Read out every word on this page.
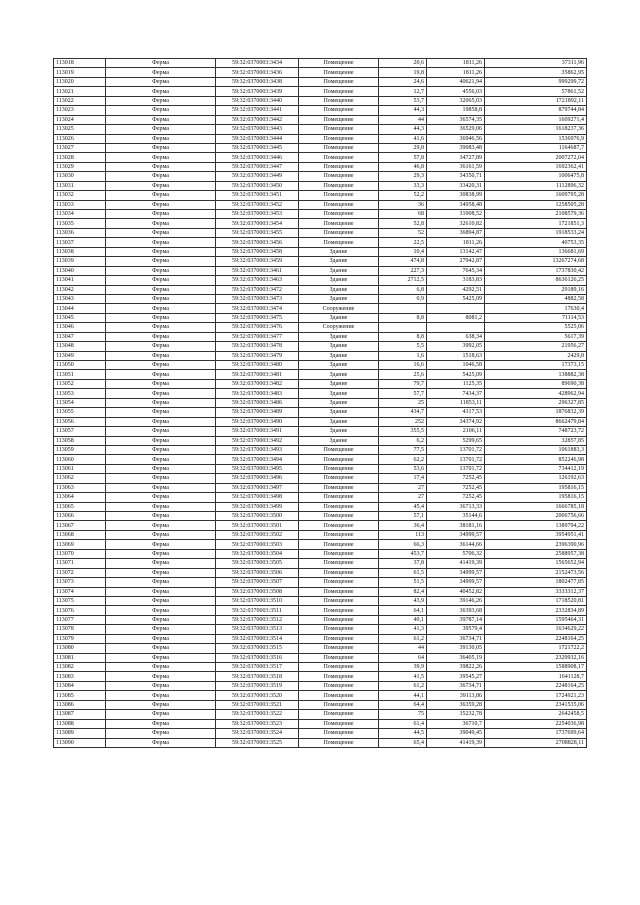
113018	Ферма	59:32:0370003:3434	Помещение	20,6	1811,26	37311,96
113019	Ферма	59:32:0370003:3436	Помещение	19,8	1811,26	35862,95
113020	Ферма	59:32:0370003:3438	Помещение	24,6	40621,94	999299,72
113021	Ферма	59:32:0370003:3439	Помещение	12,7	4556,03	57861,52
113022	Ферма	59:32:0370003:3440	Помещение	53,7	32065,03	1721892,11
113023	Ферма	59:32:0370003:3441	Помещение	44,3	19858,8	879744,84
113024	Ферма	59:32:0370003:3442	Помещение	44	36574,35	1609271,4
113025	Ферма	59:32:0370003:3443	Помещение	44,3	36529,06	1618237,36
113026	Ферма	59:32:0370003:3444	Помещение	41,6	36946,56	1536976,9
113027	Ферма	59:32:0370003:3445	Помещение	29,8	39083,48	1164687,7
113028	Ферма	59:32:0370003:3446	Помещение	57,8	34727,89	2007272,04
113029	Ферма	59:32:0370003:3447	Помещение	46,8	36161,59	1692362,41
113030	Ферма	59:32:0370003:3449	Помещение	29,3	34350,71	1006475,8
113031	Ферма	59:32:0370003:3450	Помещение	33,3	33420,31	1112896,32
113032	Ферма	59:32:0370003:3451	Помещение	52,2	30838,99	1609795,28
113033	Ферма	59:32:0370003:3452	Помещение	36	34958,48	1258505,28
113034	Ферма	59:32:0370003:3453	Помещение	68	31008,52	2108579,36
113035	Ферма	59:32:0370003:3454	Помещение	52,8	32610,82	1721851,3
113036	Ферма	59:32:0370003:3455	Помещение	52	36894,87	1918533,24
113037	Ферма	59:32:0370003:3456	Помещение	22,5	1811,26	40753,35
113038	Ферма	59:32:0370003:3458	Здание	10,4	13142,47	136681,69
113039	Ферма	59:32:0370003:3459	Здание	474,8	27942,87	13267274,68
113040	Ферма	59:32:0370003:3461	Здание	227,3	7645,34	1737830,42
113041	Ферма	59:32:0370003:3463	Здание	2712,5	3183,83	8636126,25
113042	Ферма	59:32:0370003:3472	Здание	6,8	4292,51	29189,16
113043	Ферма	59:32:0370003:3473	Здание	0,9	5425,09	4882,58
113044	Ферма	59:32:0370003:3474	Сооружение			17630,4
113045	Ферма	59:32:0370003:3475	Здание	8,8	8081,2	71114,53
113046	Ферма	59:32:0370003:3476	Сооружение			5525,06
113047	Ферма	59:32:0370003:3477	Здание	8,8	638,34	5617,39
113048	Ферма	59:32:0370003:3478	Здание	5,5	3992,05	21956,27
113049	Ферма	59:32:0370003:3479	Здание	1,6	1518,63	2429,8
113050	Ферма	59:32:0370003:3480	Здание	16,6	1046,58	17373,15
113051	Ферма	59:32:0370003:3481	Здание	25,6	5425,09	138882,38
113052	Ферма	59:32:0370003:3482	Здание	79,7	1125,35	89690,38
113053	Ферма	59:32:0370003:3483	Здание	57,7	7434,37	428962,94
113054	Ферма	59:32:0370003:3486	Здание	25	11853,11	296327,85
113055	Ферма	59:32:0370003:3489	Здание	434,7	4317,53	1876832,39
113056	Ферма	59:32:0370003:3490	Здание	252	34374,92	8662479,84
113057	Ферма	59:32:0370003:3491	Здание	355,5	2106,11	748723,72
113058	Ферма	59:32:0370003:3492	Здание	6,2	5299,65	32857,85
113059	Ферма	59:32:0370003:3493	Помещение	77,5	13701,72	1061883,3
113060	Ферма	59:32:0370003:3494	Помещение	62,2	13701,72	852246,98
113061	Ферма	59:32:0370003:3495	Помещение	53,6	13701,72	734412,19
113062	Ферма	59:32:0370003:3496	Помещение	17,4	7252,45	126192,63
113063	Ферма	59:32:0370003:3497	Помещение	27	7252,45	195816,15
113064	Ферма	59:32:0370003:3498	Помещение	27	7252,45	195816,15
113065	Ферма	59:32:0370003:3499	Помещение	45,4	36713,33	1666785,18
113066	Ферма	59:32:0370003:3500	Помещение	57,1	35144,6	2006756,66
113067	Ферма	59:32:0370003:3501	Помещение	36,4	38181,16	1389794,22
113068	Ферма	59:32:0370003:3502	Помещение	113	34999,57	3954951,41
113069	Ферма	59:32:0370003:3503	Помещение	66,3	36144,66	2396390,96
113070	Ферма	59:32:0370003:3504	Помещение	453,7	5706,32	2588957,38
113071	Ферма	59:32:0370003:3505	Помещение	37,8	41419,39	1565652,94
113072	Ферма	59:32:0370003:3506	Помещение	61,5	34999,57	2152473,56
113073	Ферма	59:32:0370003:3507	Помещение	51,5	34999,57	1802477,85
113074	Ферма	59:32:0370003:3508	Помещение	82,4	40452,82	3333312,37
113075	Ферма	59:32:0370003:3510	Помещение	43,9	39146,26	1718520,81
113076	Ферма	59:32:0370003:3511	Помещение	64,1	36393,68	2332834,89
113077	Ферма	59:32:0370003:3512	Помещение	40,1	39787,14	1595464,31
113078	Ферма	59:32:0370003:3513	Помещение	41,3	39579,4	1634629,22
113079	Ферма	59:32:0370003:3514	Помещение	61,2	36734,71	2248164,25
113080	Ферма	59:32:0370003:3515	Помещение	44	39130,05	1721722,2
113081	Ферма	59:32:0370003:3516	Помещение	64	36405,19	2329932,16
113082	Ферма	59:32:0370003:3517	Помещение	39,9	39822,26	1588908,17
113083	Ферма	59:32:0370003:3518	Помещение	41,5	39545,27	1641128,7
113084	Ферма	59:32:0370003:3519	Помещение	61,2	36734,71	2248164,25
113085	Ферма	59:32:0370003:3520	Помещение	44,1	39113,86	1724921,23
113086	Ферма	59:32:0370003:3521	Помещение	64,4	36359,28	2341535,06
113087	Ферма	59:32:0370003:3522	Помещение	75	35232,78	2642458,5
113088	Ферма	59:32:0370003:3523	Помещение	61,4	36710,7	2254036,98
113089	Ферма	59:32:0370003:3524	Помещение	44,5	39049,45	1737699,64
113090	Ферма	59:32:0370003:3525	Помещение	65,4	41419,39	2708828,11
